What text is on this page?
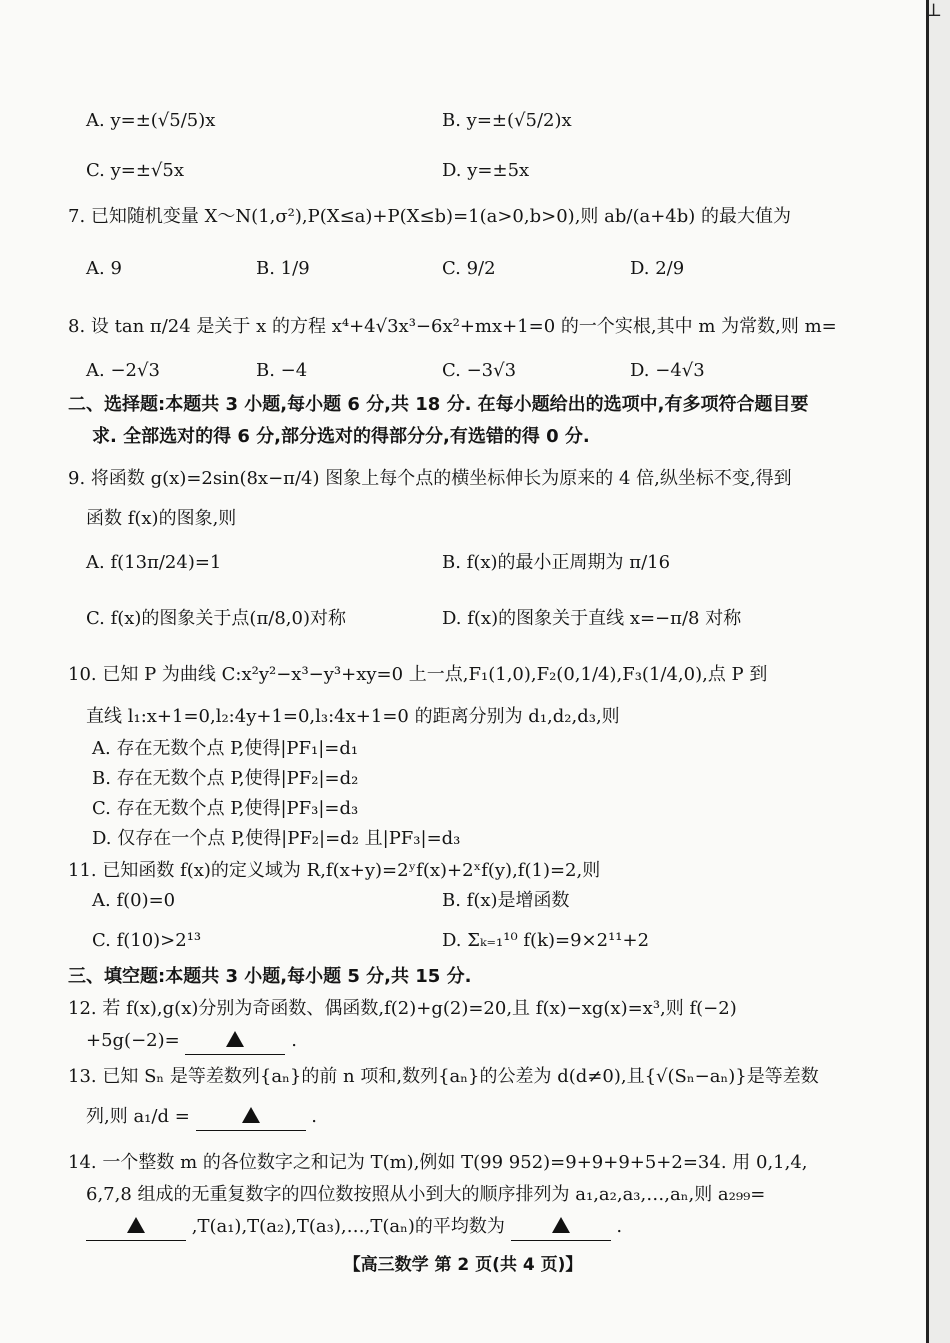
A. y=±(√5/5)x	B. y=±(√5/2)x
C. y=±√5x	D. y=±5x
7. 已知随机变量 X～N(1,σ²),P(X≤a)+P(X≤b)=1(a>0,b>0),则 ab/(a+4b) 的最大值为
A. 9	B. 1/9	C. 9/2	D. 2/9
8. 设 tan π/24 是关于 x 的方程 x⁴+4√3x³−6x²+mx+1=0 的一个实根,其中 m 为常数,则 m=
A. −2√3	B. −4	C. −3√3	D. −4√3
二、选择题:本题共 3 小题,每小题 6 分,共 18 分. 在每小题给出的选项中,有多项符合题目要
求. 全部选对的得 6 分,部分选对的得部分分,有选错的得 0 分.
9. 将函数 g(x)=2sin(8x−π/4) 图象上每个点的横坐标伸长为原来的 4 倍,纵坐标不变,得到
函数 f(x)的图象,则
A. f(13π/24)=1	B. f(x)的最小正周期为 π/16
C. f(x)的图象关于点(π/8,0)对称	D. f(x)的图象关于直线 x=−π/8 对称
10. 已知 P 为曲线 C:x²y²−x³−y³+xy=0 上一点,F₁(1,0),F₂(0,1/4),F₃(1/4,0),点 P 到
直线 l₁:x+1=0,l₂:4y+1=0,l₃:4x+1=0 的距离分别为 d₁,d₂,d₃,则
A. 存在无数个点 P,使得|PF₁|=d₁
B. 存在无数个点 P,使得|PF₂|=d₂
C. 存在无数个点 P,使得|PF₃|=d₃
D. 仅存在一个点 P,使得|PF₂|=d₂ 且|PF₃|=d₃
11. 已知函数 f(x)的定义域为 R,f(x+y)=2ʸf(x)+2ˣf(y),f(1)=2,则
A. f(0)=0	B. f(x)是增函数
C. f(10)>2¹³	D. Σₖ₌₁¹⁰ f(k)=9×2¹¹+2
三、填空题:本题共 3 小题,每小题 5 分,共 15 分.
12. 若 f(x),g(x)分别为奇函数、偶函数,f(2)+g(2)=20,且 f(x)−xg(x)=x³,则 f(−2)
+5g(−2)=	.
13. 已知 Sₙ 是等差数列{aₙ}的前 n 项和,数列{aₙ}的公差为 d(d≠0),且{√(Sₙ−aₙ)}是等差数
列,则 a₁/d =	.
14. 一个整数 m 的各位数字之和记为 T(m),例如 T(99 952)=9+9+9+5+2=34. 用 0,1,4,
6,7,8 组成的无重复数字的四位数按照从小到大的顺序排列为 a₁,a₂,a₃,…,aₙ,则 a₂₉₉=
,T(a₁),T(a₂),T(a₃),…,T(aₙ)的平均数为	.
【高三数学 第 2 页(共 4 页)】
⊥
